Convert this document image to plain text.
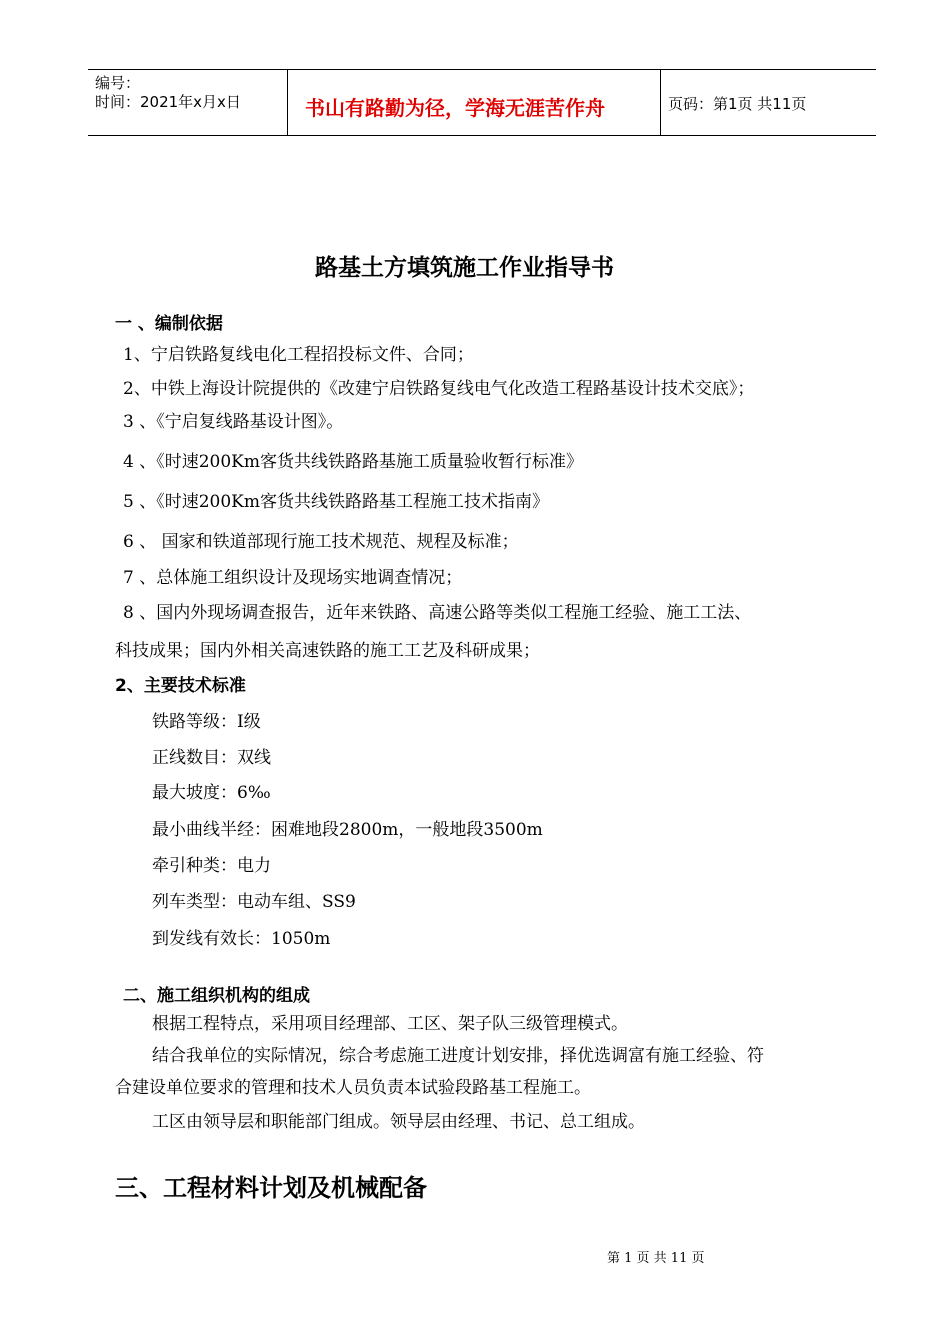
编号：
时间：2021年x月x日	书山有路勤为径，学海无涯苦作舟	页码：第1页 共11页
路基土方填筑施工作业指导书
一 、编制依据
1、宁启铁路复线电化工程招投标文件、合同；
2、中铁上海设计院提供的《改建宁启铁路复线电气化改造工程路基设计技术交底》；
3 、《宁启复线路基设计图》。
4 、《时速200Km客货共线铁路路基施工质量验收暂行标准》
5 、《时速200Km客货共线铁路路基工程施工技术指南》
6 、 国家和铁道部现行施工技术规范、规程及标准；
7 、总体施工组织设计及现场实地调查情况；
8 、国内外现场调查报告，近年来铁路、高速公路等类似工程施工经验、施工工法、
科技成果；国内外相关高速铁路的施工工艺及科研成果；
2、主要技术标准
铁路等级：Ⅰ级
正线数目：双线
最大坡度：6‰
最小曲线半经：困难地段2800m，一般地段3500m
牵引种类：电力
列车类型：电动车组、SS9
到发线有效长：1050m
二、施工组织机构的组成
根据工程特点，采用项目经理部、工区、架子队三级管理模式。
结合我单位的实际情况，综合考虑施工进度计划安排，择优选调富有施工经验、符
合建设单位要求的管理和技术人员负责本试验段路基工程施工。
工区由领导层和职能部门组成。领导层由经理、书记、总工组成。
三、工程材料计划及机械配备
第 1 页 共 11 页
